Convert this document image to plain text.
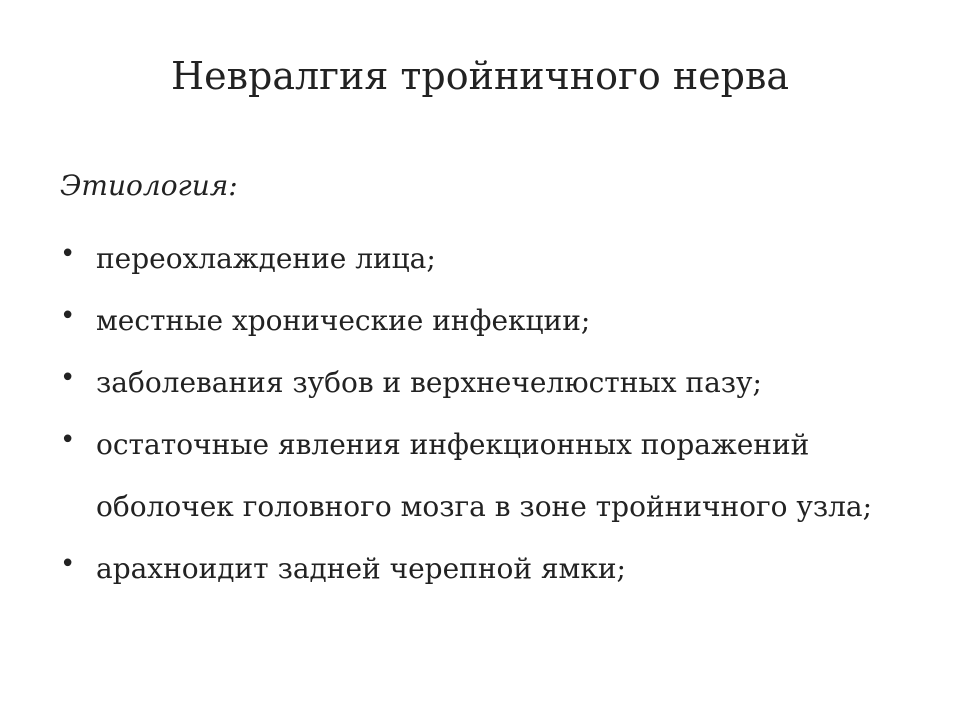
Невралгия тройничного нерва

Этиология:

• переохлаждение лица;
• местные хронические инфекции;
• заболевания зубов и верхнечелюстных пазу;
• остаточные явления инфекционных поражений оболочек головного мозга в зоне тройничного узла;
• арахноидит задней черепной ямки;
